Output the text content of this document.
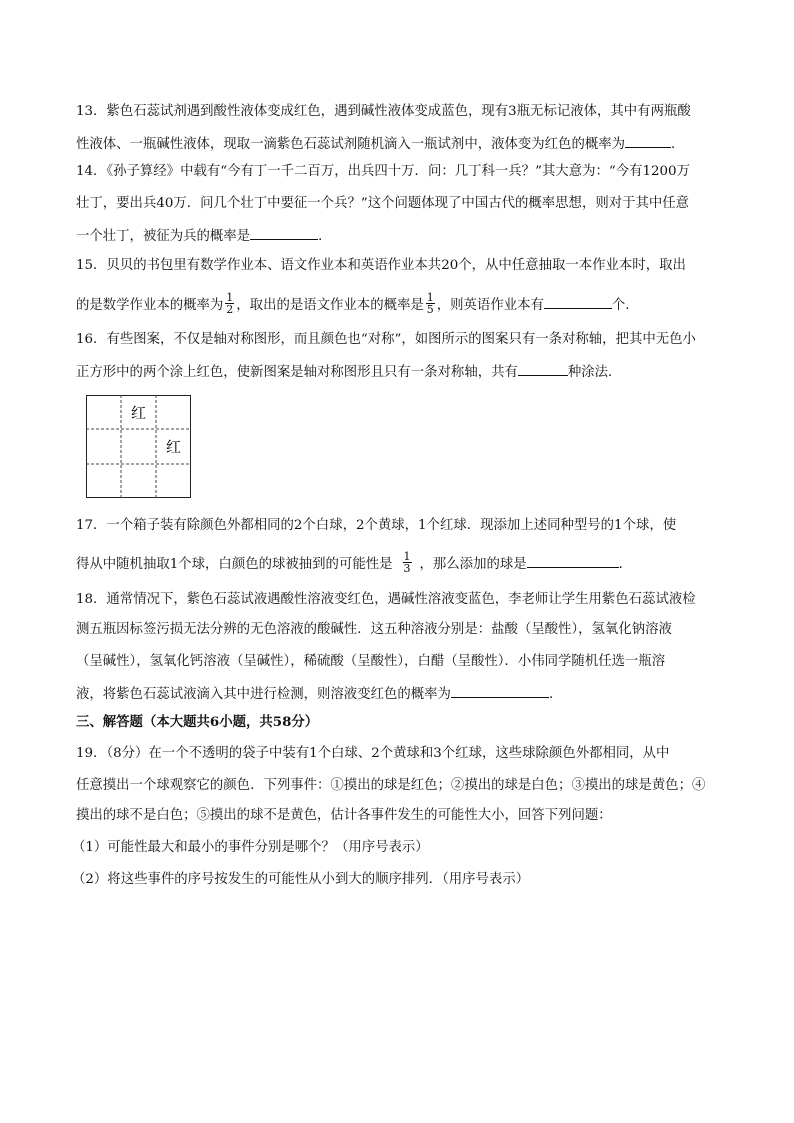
13．紫色石蕊试剂遇到酸性液体变成红色，遇到碱性液体变成蓝色，现有3瓶无标记液体，其中有两瓶酸
性液体、一瓶碱性液体，现取一滴紫色石蕊试剂随机滴入一瓶试剂中，液体变为红色的概率为	．
14．《孙子算经》中载有“今有丁一千二百万，出兵四十万．问：几丁科一兵？”其大意为：“今有1200万
壮丁，要出兵40万．问几个壮丁中要征一个兵？”这个问题体现了中国古代的概率思想，则对于其中任意
一个壮丁，被征为兵的概率是	．
15．贝贝的书包里有数学作业本、语文作业本和英语作业本共20个，从中任意抽取一本作业本时，取出
的是数学作业本的概率为 $\frac{1}{2}$ ，取出的是语文作业本的概率是 $\frac{1}{5}$ ，则英语作业本有	个．
16．有些图案，不仅是轴对称图形，而且颜色也“对称”，如图所示的图案只有一条对称轴，把其中无色小
正方形中的两个涂上红色，使新图案是轴对称图形且只有一条对称轴，共有	种涂法．
红
红
17．一个箱子装有除颜色外都相同的2个白球，2个黄球，1个红球．现添加上述同种型号的1个球，使
得从中随机抽取1个球，白颜色的球被抽到的可能性是 $\frac{1}{3}$ ，那么添加的球是	．
18．通常情况下，紫色石蕊试液遇酸性溶液变红色，遇碱性溶液变蓝色，李老师让学生用紫色石蕊试液检
测五瓶因标签污损无法分辨的无色溶液的酸碱性．这五种溶液分别是：盐酸（呈酸性），氢氧化钠溶液
（呈碱性），氢氧化钙溶液（呈碱性），稀硫酸（呈酸性），白醋（呈酸性）．小伟同学随机任选一瓶溶
液，将紫色石蕊试液滴入其中进行检测，则溶液变红色的概率为	．
三、解答题（本大题共6小题，共58分）
19．（8分）在一个不透明的袋子中装有1个白球、2个黄球和3个红球，这些球除颜色外都相同，从中
任意摸出一个球观察它的颜色．下列事件：①摸出的球是红色；②摸出的球是白色；③摸出的球是黄色；④
摸出的球不是白色；⑤摸出的球不是黄色，估计各事件发生的可能性大小，回答下列问题：
（1）可能性最大和最小的事件分别是哪个？（用序号表示）
（2）将这些事件的序号按发生的可能性从小到大的顺序排列．（用序号表示）
